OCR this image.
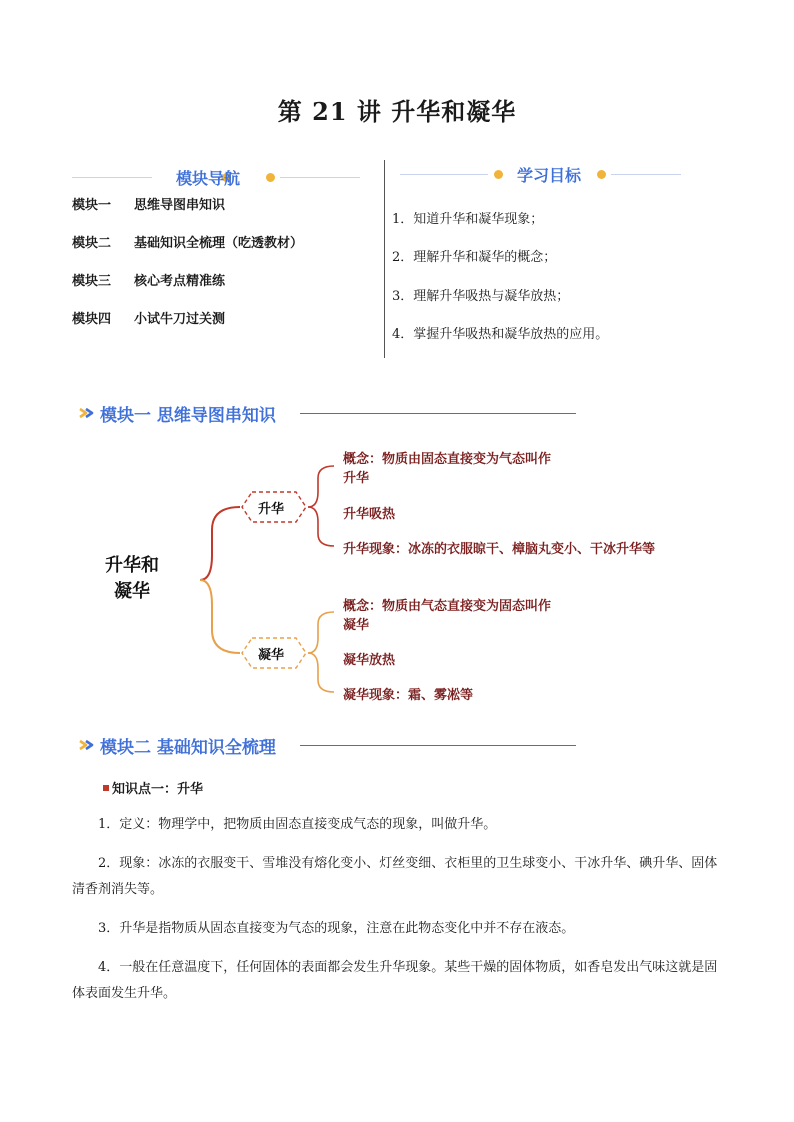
第 21 讲 升华和凝华
模块导航
模块一 思维导图串知识
模块二 基础知识全梳理（吃透教材）
模块三 核心考点精准练
模块四 小试牛刀过关测
学习目标
1．知道升华和凝华现象；
2．理解升华和凝华的概念；
3．理解升华吸热与凝华放热；
4．掌握升华吸热和凝华放热的应用。
模块一 思维导图串知识
升华和
凝华
升华
凝华
概念：物质由固态直接变为气态叫作
升华
升华吸热
升华现象：冰冻的衣服晾干、樟脑丸变小、干冰升华等
概念：物质由气态直接变为固态叫作
凝华
凝华放热
凝华现象：霜、雾凇等
模块二 基础知识全梳理
知识点一：升华
1．定义：物理学中，把物质由固态直接变成气态的现象，叫做升华。
2．现象：冰冻的衣服变干、雪堆没有熔化变小、灯丝变细、衣柜里的卫生球变小、干冰升华、碘升华、固体清香剂消失等。
3．升华是指物质从固态直接变为气态的现象，注意在此物态变化中并不存在液态。
4．一般在任意温度下，任何固体的表面都会发生升华现象。某些干燥的固体物质，如香皂发出气味这就是固体表面发生升华。
